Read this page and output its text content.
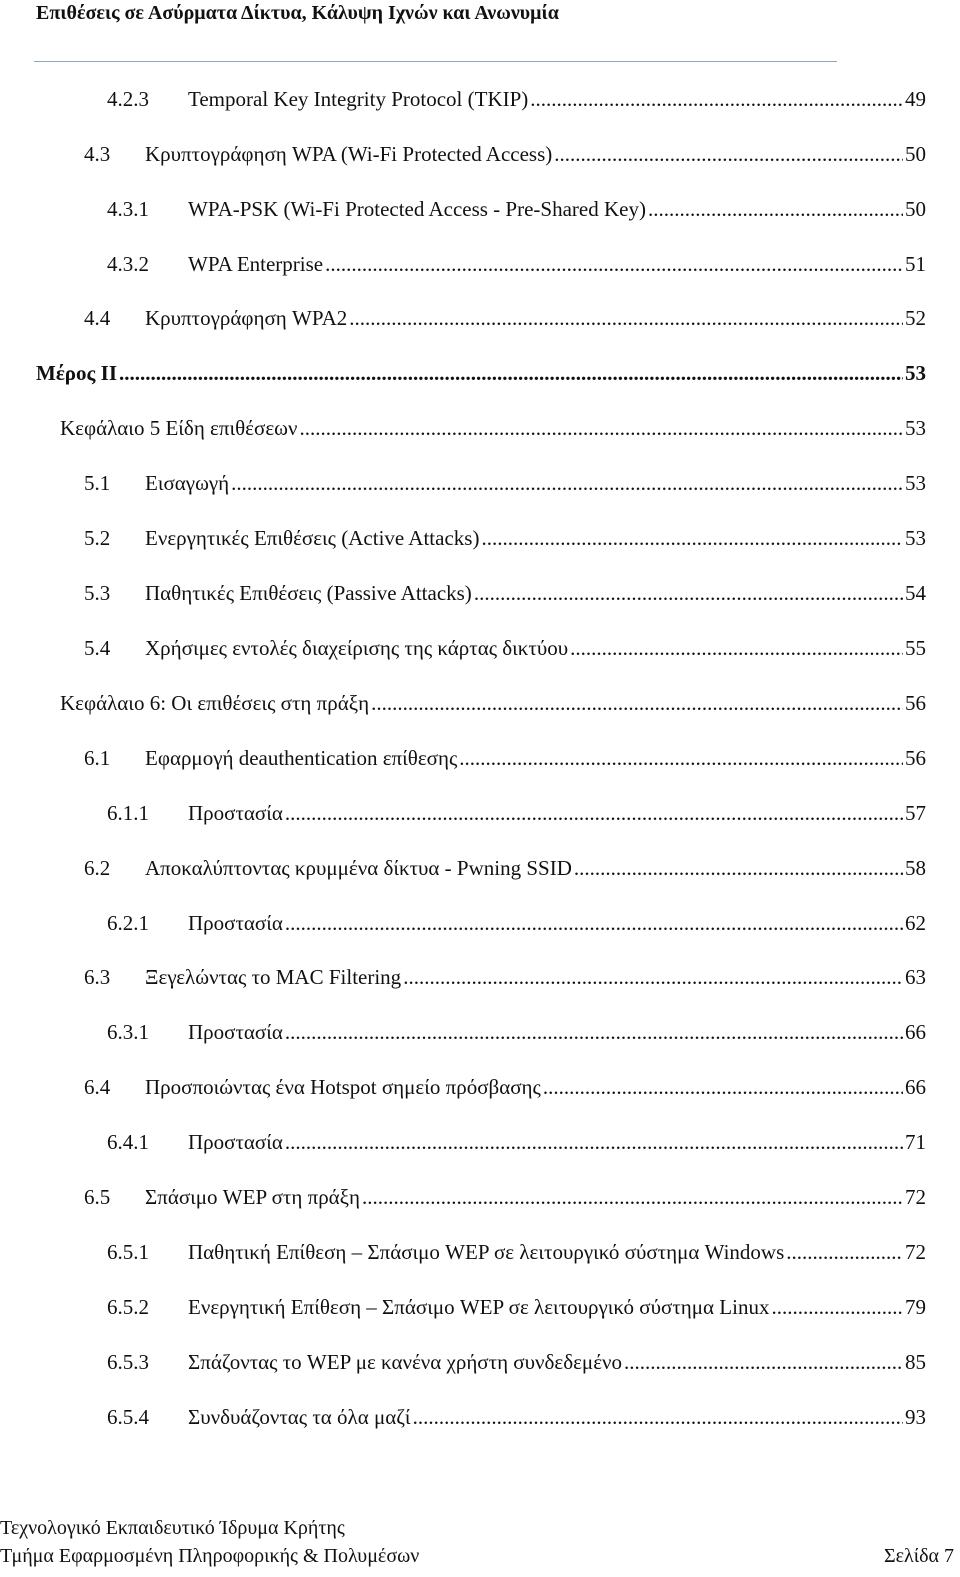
Επιθέσεις σε Ασύρματα Δίκτυα, Κάλυψη Ιχνών και Ανωνυμία
4.2.3	Temporal Key Integrity Protocol (TKIP) .....	49
4.3	Κρυπτογράφηση WPA (Wi-Fi Protected Access) .....	50
4.3.1	WPA-PSK (Wi-Fi Protected Access - Pre-Shared Key) .....	50
4.3.2	WPA Enterprise .....	51
4.4	Κρυπτογράφηση WPA2 .....	52
Μέρος ΙΙ .....	53
Κεφάλαιο 5 Είδη επιθέσεων .....	53
5.1	Εισαγωγή .....	53
5.2	Ενεργητικές Επιθέσεις (Active Attacks) .....	53
5.3	Παθητικές Επιθέσεις (Passive Attacks) .....	54
5.4	Χρήσιμες εντολές διαχείρισης της κάρτας δικτύου .....	55
Κεφάλαιο 6: Οι επιθέσεις στη πράξη .....	56
6.1	Εφαρμογή deauthentication επίθεσης .....	56
6.1.1	Προστασία .....	57
6.2	Αποκαλύπτοντας κρυμμένα δίκτυα - Pwning SSID .....	58
6.2.1	Προστασία .....	62
6.3	Ξεγελώντας το MAC Filtering .....	63
6.3.1	Προστασία .....	66
6.4	Προσποιώντας ένα Hotspot σημείο πρόσβασης .....	66
6.4.1	Προστασία .....	71
6.5	Σπάσιμο WEP στη πράξη .....	72
6.5.1	Παθητική Επίθεση – Σπάσιμο WEP σε λειτουργικό σύστημα Windows .....	72
6.5.2	Ενεργητική Επίθεση – Σπάσιμο WEP σε λειτουργικό σύστημα Linux .....	79
6.5.3	Σπάζοντας το WEP με κανένα χρήστη συνδεδεμένο .....	85
6.5.4	Συνδυάζοντας τα όλα μαζί .....	93
Τεχνολογικό Εκπαιδευτικό Ίδρυμα Κρήτης
Τμήμα Εφαρμοσμένη Πληροφορικής & Πολυμέσων	Σελίδα 7
